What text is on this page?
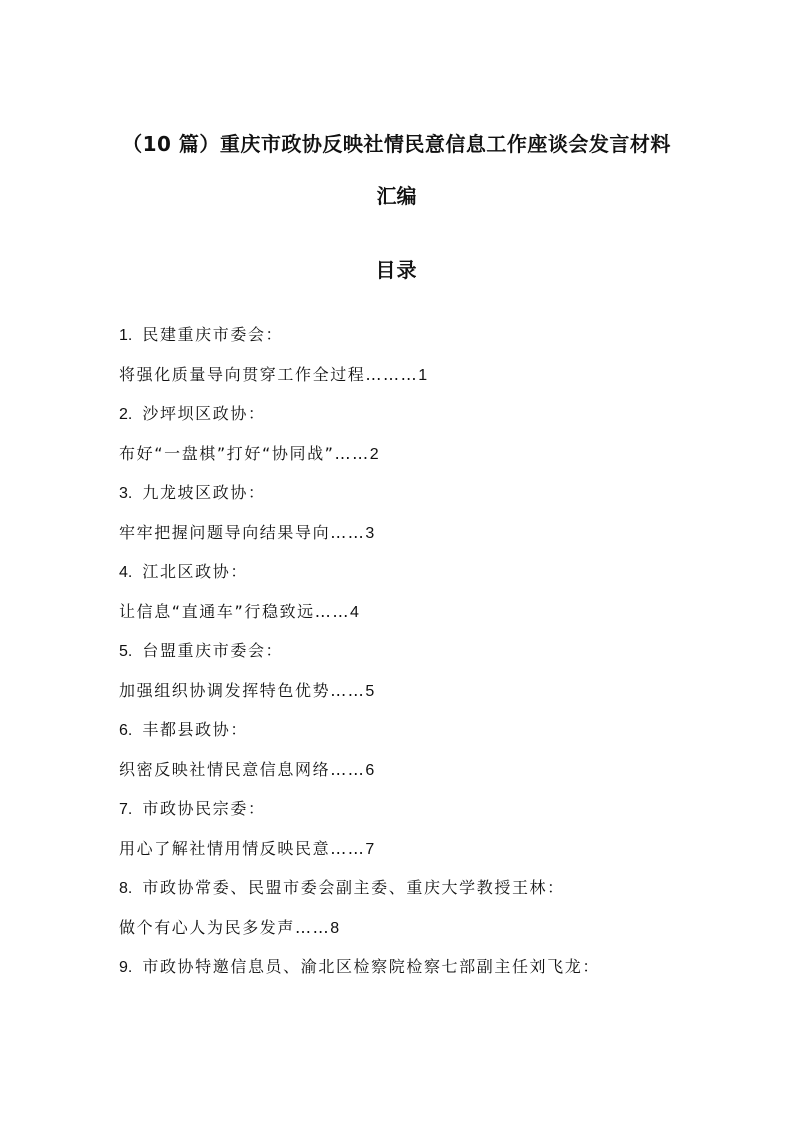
（10 篇）重庆市政协反映社情民意信息工作座谈会发言材料
汇编
目录
1. 民建重庆市委会：
将强化质量导向贯穿工作全过程………1
2. 沙坪坝区政协：
布好“一盘棋”打好“协同战”……2
3. 九龙坡区政协：
牢牢把握问题导向结果导向……3
4. 江北区政协：
让信息“直通车”行稳致远……4
5. 台盟重庆市委会：
加强组织协调发挥特色优势……5
6. 丰都县政协：
织密反映社情民意信息网络……6
7. 市政协民宗委：
用心了解社情用情反映民意……7
8. 市政协常委、民盟市委会副主委、重庆大学教授王林：
做个有心人为民多发声……8
9. 市政协特邀信息员、渝北区检察院检察七部副主任刘飞龙：
